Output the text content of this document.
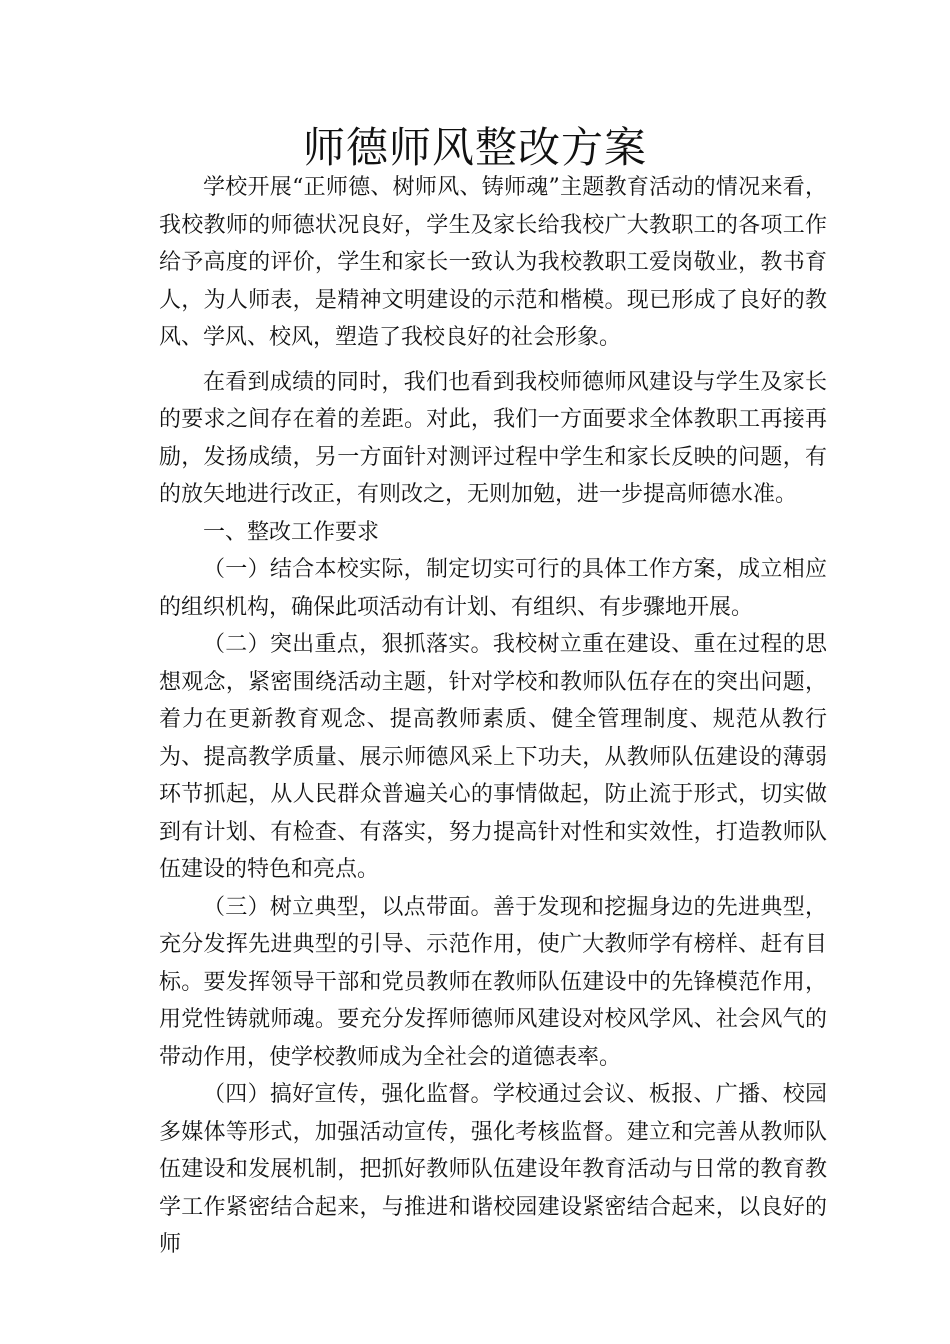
师德师风整改方案

学校开展“正师德、树师风、铸师魂”主题教育活动的情况来看，我校教师的师德状况良好，学生及家长给我校广大教职工的各项工作给予高度的评价，学生和家长一致认为我校教职工爱岗敬业，教书育人，为人师表，是精神文明建设的示范和楷模。现已形成了良好的教风、学风、校风，塑造了我校良好的社会形象。

在看到成绩的同时，我们也看到我校师德师风建设与学生及家长的要求之间存在着的差距。对此，我们一方面要求全体教职工再接再励，发扬成绩，另一方面针对测评过程中学生和家长反映的问题，有的放矢地进行改正，有则改之，无则加勉，进一步提高师德水准。

一、整改工作要求

（一）结合本校实际，制定切实可行的具体工作方案，成立相应的组织机构，确保此项活动有计划、有组织、有步骤地开展。

（二）突出重点，狠抓落实。我校树立重在建设、重在过程的思想观念，紧密围绕活动主题，针对学校和教师队伍存在的突出问题，着力在更新教育观念、提高教师素质、健全管理制度、规范从教行为、提高教学质量、展示师德风采上下功夫，从教师队伍建设的薄弱环节抓起，从人民群众普遍关心的事情做起，防止流于形式，切实做到有计划、有检查、有落实，努力提高针对性和实效性，打造教师队伍建设的特色和亮点。

（三）树立典型，以点带面。善于发现和挖掘身边的先进典型，充分发挥先进典型的引导、示范作用，使广大教师学有榜样、赶有目标。要发挥领导干部和党员教师在教师队伍建设中的先锋模范作用，用党性铸就师魂。要充分发挥师德师风建设对校风学风、社会风气的带动作用，使学校教师成为全社会的道德表率。

（四）搞好宣传，强化监督。学校通过会议、板报、广播、校园多媒体等形式，加强活动宣传，强化考核监督。建立和完善从教师队伍建设和发展机制，把抓好教师队伍建设年教育活动与日常的教育教学工作紧密结合起来，与推进和谐校园建设紧密结合起来，以良好的师
